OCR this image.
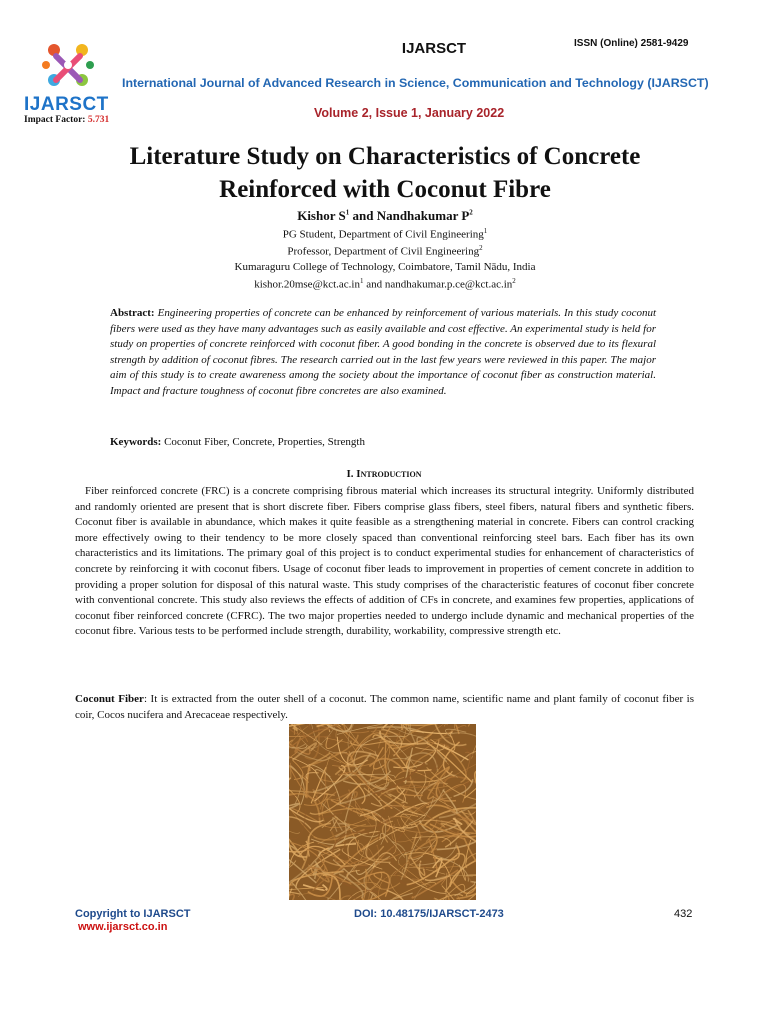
IJARSCT
Impact Factor: 5.731
IJARSCT	ISSN (Online) 2581-9429
International Journal of Advanced Research in Science, Communication and Technology (IJARSCT)
Volume 2, Issue 1, January 2022
Literature Study on Characteristics of Concrete
Reinforced with Coconut Fibre
Kishor $S^1$ and Nandhakumar $P^2$
PG Student, Department of Civil Engineering$^1$
Professor, Department of Civil Engineering$^2$
Kumaraguru College of Technology, Coimbatore, Tamil Nādu, India
$kishor.20mse@kct.ac.in^1$ and $nandhakumar.p.ce@kct.ac.in^2$
Abstract: Engineering properties of concrete can be enhanced by reinforcement of various materials. In this study coconut fibers were used as they have many advantages such as easily available and cost effective. An experimental study is held for study on properties of concrete reinforced with coconut fiber. A good bonding in the concrete is observed due to its flexural strength by addition of coconut fibres. The research carried out in the last few years were reviewed in this paper. The major aim of this study is to create awareness among the society about the importance of coconut fiber as construction material. Impact and fracture toughness of coconut fibre concretes are also examined.
Keywords: Coconut Fiber, Concrete, Properties, Strength
I. Introduction
Fiber reinforced concrete (FRC) is a concrete comprising fibrous material which increases its structural integrity. Uniformly distributed and randomly oriented are present that is short discrete fiber. Fibers comprise glass fibers, steel fibers, natural fibers and synthetic fibers. Coconut fiber is available in abundance, which makes it quite feasible as a strengthening material in concrete. Fibers can control cracking more effectively owing to their tendency to be more closely spaced than conventional reinforcing steel bars. Each fiber has its own characteristics and its limitations. The primary goal of this project is to conduct experimental studies for enhancement of characteristics of concrete by reinforcing it with coconut fibers. Usage of coconut fiber leads to improvement in properties of cement concrete in addition to providing a proper solution for disposal of this natural waste. This study comprises of the characteristic features of coconut fiber concrete with conventional concrete. This study also reviews the effects of addition of CFs in concrete, and examines few properties, applications of coconut fiber reinforced concrete (CFRC). The two major properties needed to undergo include dynamic and mechanical properties of the coconut fibre. Various tests to be performed include strength, durability, workability, compressive strength etc.
Coconut Fiber: It is extracted from the outer shell of a coconut. The common name, scientific name and plant family of coconut fiber is coir, Cocos nucifera and Arecaceae respectively.
Copyright to IJARSCT
www.ijarsct.co.in
DOI: 10.48175/IJARSCT-2473	432
